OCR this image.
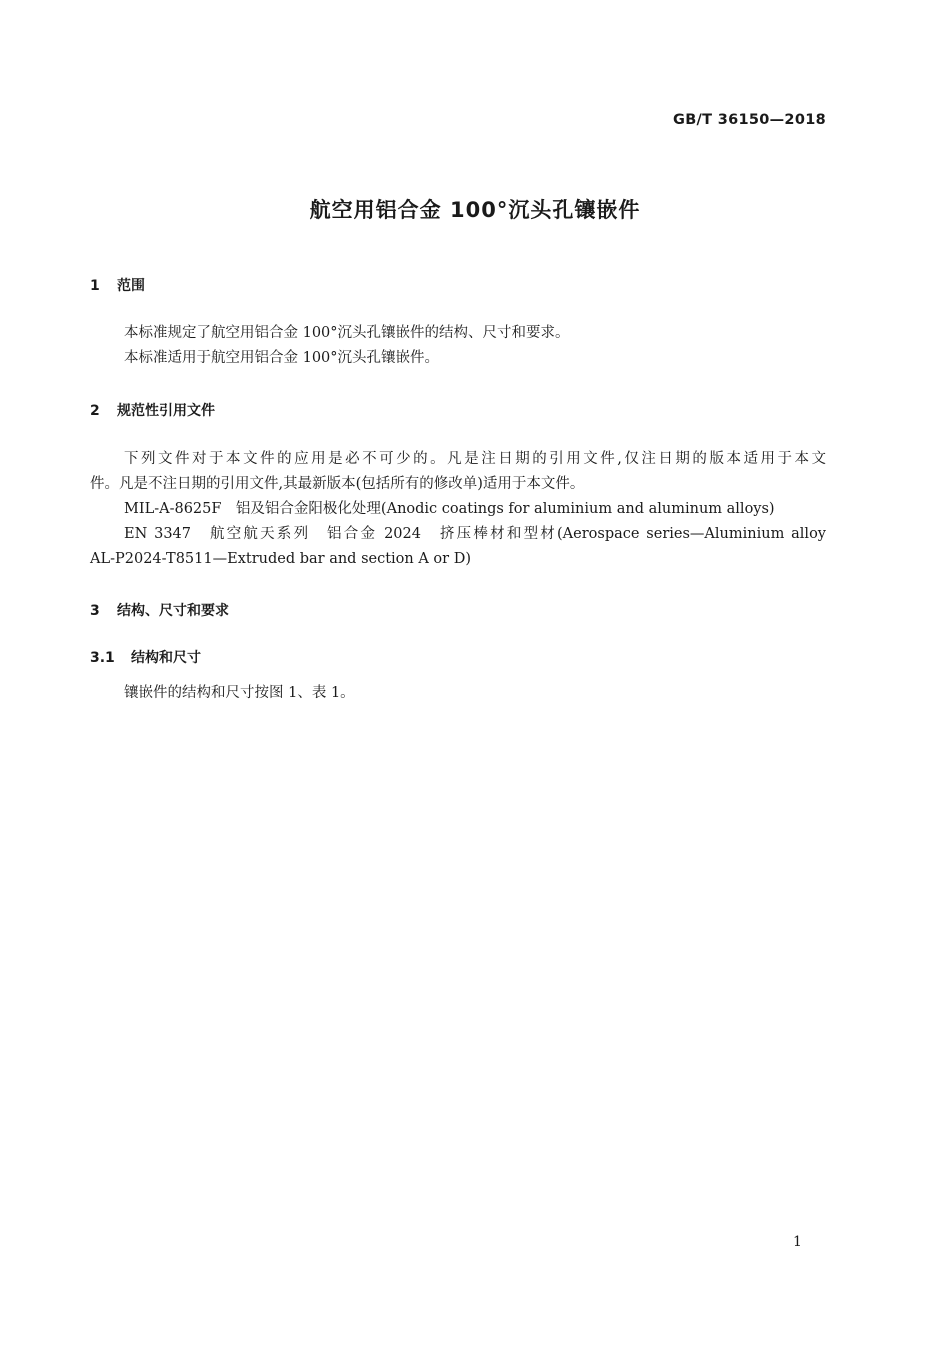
GB/T 36150—2018
航空用铝合金 100°沉头孔镶嵌件
1 范围
本标准规定了航空用铝合金 100°沉头孔镶嵌件的结构、尺寸和要求。
本标准适用于航空用铝合金 100°沉头孔镶嵌件。
2 规范性引用文件
下列文件对于本文件的应用是必不可少的。凡是注日期的引用文件,仅注日期的版本适用于本文
件。凡是不注日期的引用文件,其最新版本(包括所有的修改单)适用于本文件。
MIL-A-8625F　铝及铝合金阳极化处理(Anodic coatings for aluminium and aluminum alloys)
EN 3347　航空航天系列　铝合金 2024　挤压棒材和型材(Aerospace series—Aluminium alloy
AL-P2024-T8511—Extruded bar and section A or D)
3 结构、尺寸和要求
3.1 结构和尺寸
镶嵌件的结构和尺寸按图 1、表 1。
1
